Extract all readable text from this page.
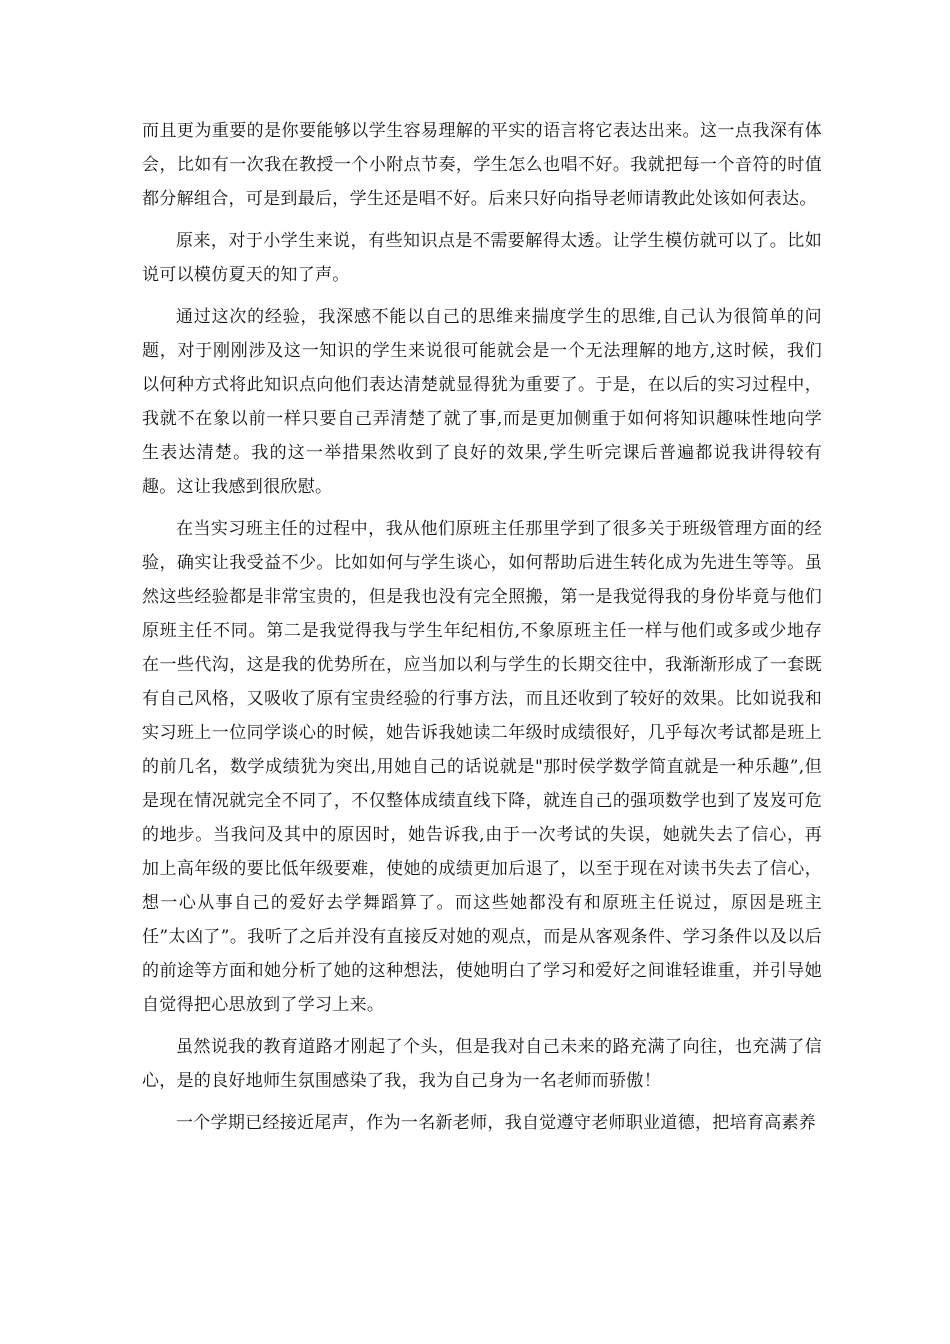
而且更为重要的是你要能够以学生容易理解的平实的语言将它表达出来。这一点我深有体会，比如有一次我在教授一个小附点节奏，学生怎么也唱不好。我就把每一个音符的时值都分解组合，可是到最后，学生还是唱不好。后来只好向指导老师请教此处该如何表达。

原来，对于小学生来说，有些知识点是不需要解得太透。让学生模仿就可以了。比如说可以模仿夏天的知了声。

通过这次的经验，我深感不能以自己的思维来揣度学生的思维,自己认为很简单的问题，对于刚刚涉及这一知识的学生来说很可能就会是一个无法理解的地方,这时候，我们以何种方式将此知识点向他们表达清楚就显得犹为重要了。于是，在以后的实习过程中，我就不在象以前一样只要自己弄清楚了就了事,而是更加侧重于如何将知识趣味性地向学生表达清楚。我的这一举措果然收到了良好的效果,学生听完课后普遍都说我讲得较有趣。这让我感到很欣慰。

在当实习班主任的过程中，我从他们原班主任那里学到了很多关于班级管理方面的经验，确实让我受益不少。比如如何与学生谈心，如何帮助后进生转化成为先进生等等。虽然这些经验都是非常宝贵的，但是我也没有完全照搬，第一是我觉得我的身份毕竟与他们原班主任不同。第二是我觉得我与学生年纪相仿,不象原班主任一样与他们或多或少地存在一些代沟，这是我的优势所在，应当加以利与学生的长期交往中，我渐渐形成了一套既有自己风格，又吸收了原有宝贵经验的行事方法，而且还收到了较好的效果。比如说我和实习班上一位同学谈心的时候，她告诉我她读二年级时成绩很好，几乎每次考试都是班上的前几名，数学成绩犹为突出,用她自己的话说就是"那时侯学数学简直就是一种乐趣”,但是现在情况就完全不同了，不仅整体成绩直线下降，就连自己的强项数学也到了岌岌可危的地步。当我问及其中的原因时，她告诉我,由于一次考试的失误，她就失去了信心，再加上高年级的要比低年级要难，使她的成绩更加后退了，以至于现在对读书失去了信心，想一心从事自己的爱好去学舞蹈算了。而这些她都没有和原班主任说过，原因是班主任”太凶了”。我听了之后并没有直接反对她的观点，而是从客观条件、学习条件以及以后的前途等方面和她分析了她的这种想法，使她明白了学习和爱好之间谁轻谁重，并引导她自觉得把心思放到了学习上来。

虽然说我的教育道路才刚起了个头，但是我对自己未来的路充满了向往，也充满了信心，是的良好地师生氛围感染了我，我为自己身为一名老师而骄傲！

一个学期已经接近尾声，作为一名新老师，我自觉遵守老师职业道德，把培育高素养
